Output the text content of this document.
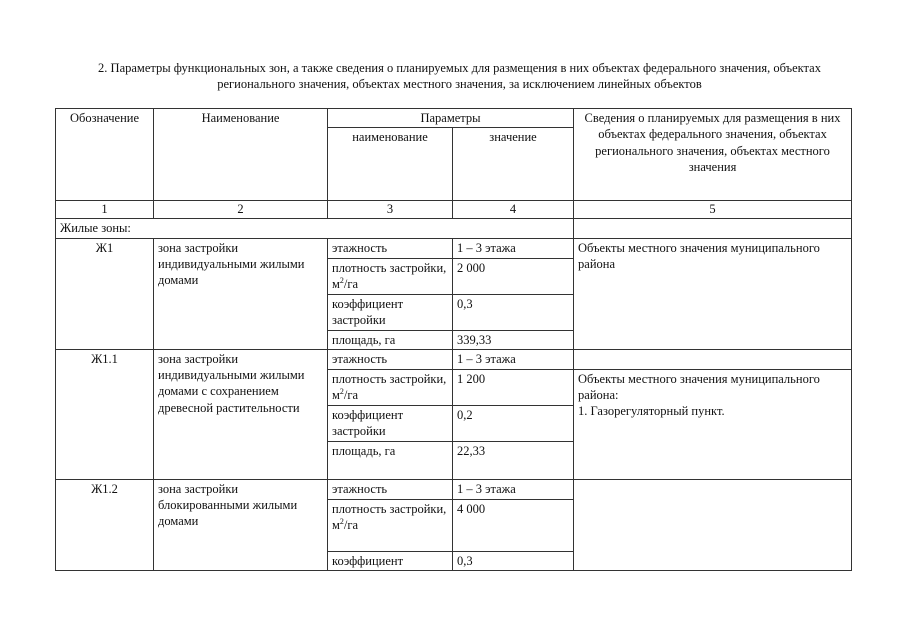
2. Параметры функциональных зон, а также сведения о планируемых для размещения в них объектах федерального значения, объектах регионального значения, объектах местного значения, за исключением линейных объектов
Обозначение	Наименование	Параметры		Сведения о планируемых для размещения в них объектах федерального значения, объектах регионального значения, объектах местного значения
		наименование	значение	
1	2	3	4	5
Жилые зоны:				
Ж1	зона застройки индивидуальными жилыми домами	этажность	1 – 3 этажа	Объекты местного значения муниципального района
		плотность застройки, $м^2/га$	2 000	
		коэффициент застройки	0,3	
		площадь, га	339,33	
Ж1.1	зона застройки индивидуальными жилыми домами с сохранением древесной растительности	этажность	1 – 3 этажа	
		плотность застройки, $м^2/га$	1 200	Объекты местного значения муниципального района:
1. Газорегуляторный пункт.

		коэффициент застройки	0,2	
		площадь, га	22,33	
Ж1.2	зона застройки блокированными жилыми домами	этажность	1 – 3 этажа	
		плотность застройки, $м^2/га$	4 000	
		коэффициент	0,3	
